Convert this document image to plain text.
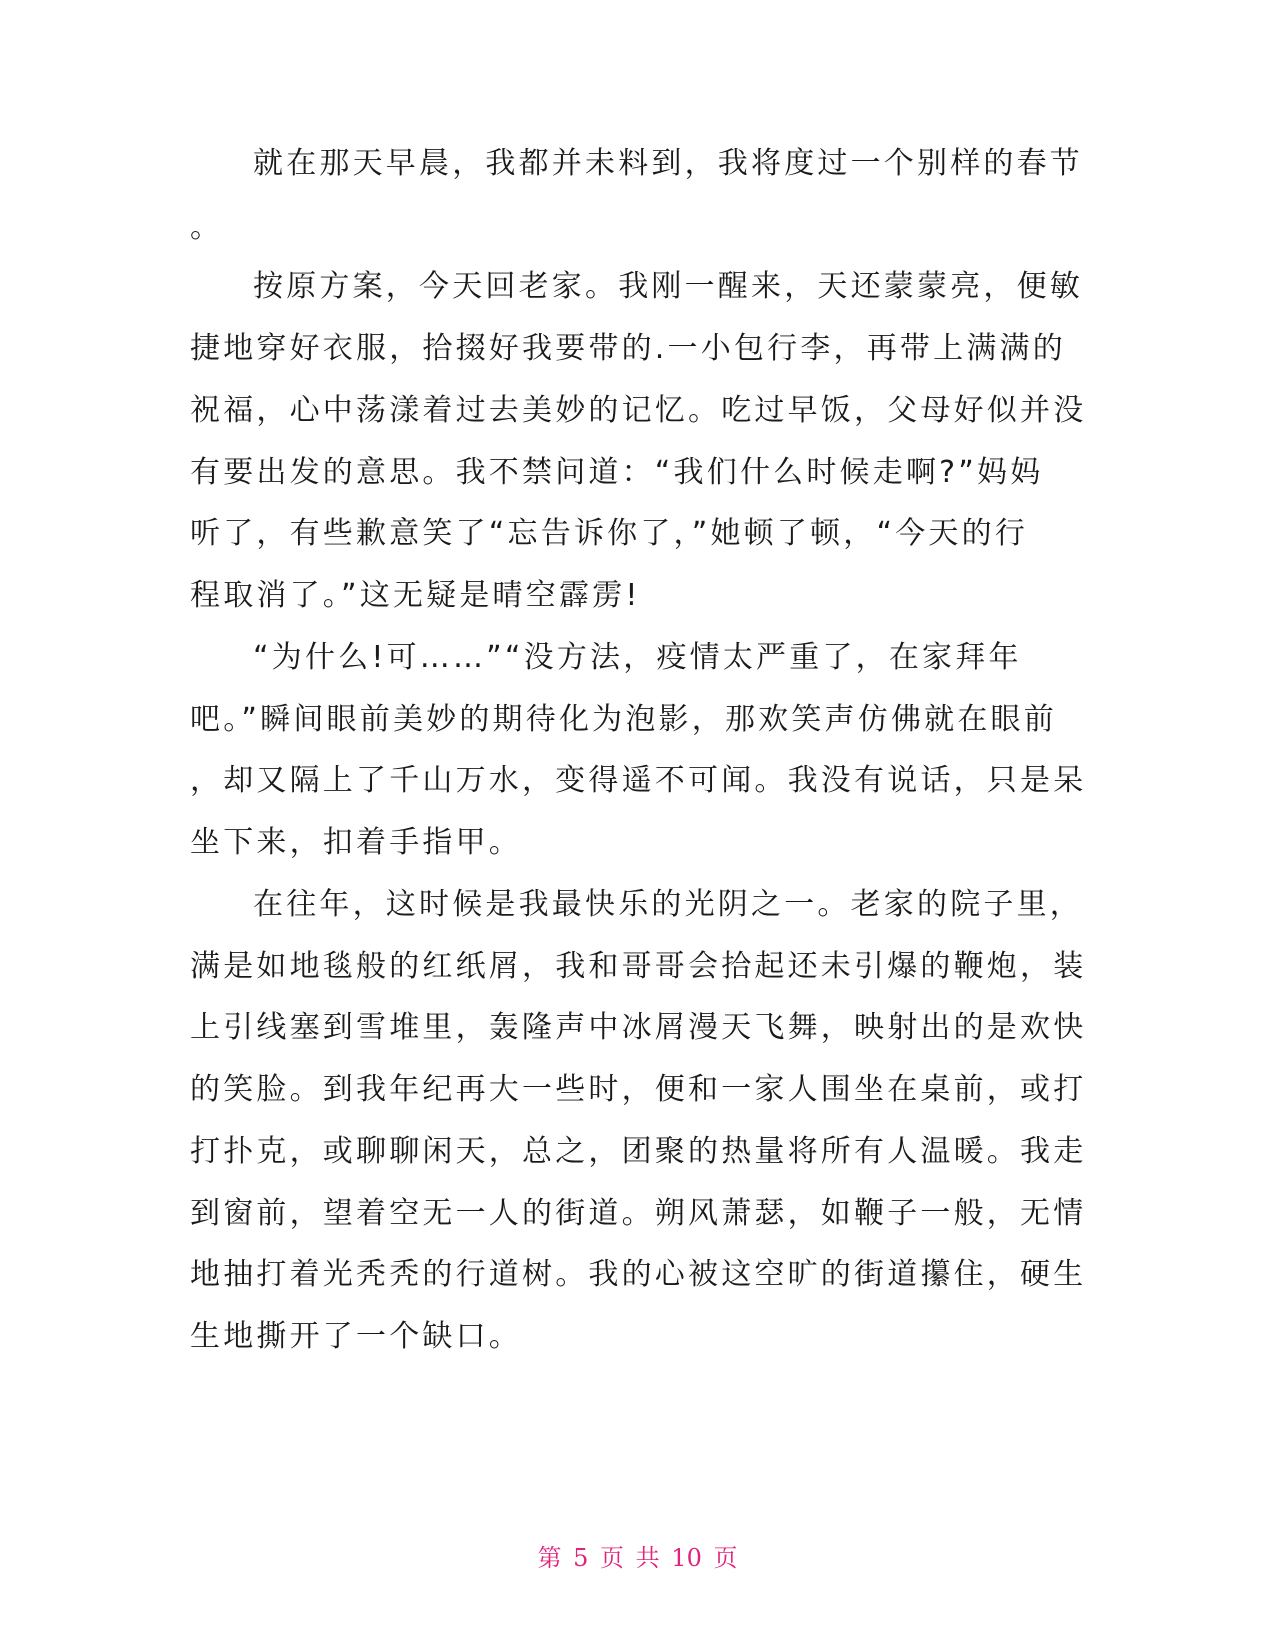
就在那天早晨，我都并未料到，我将度过一个别样的春节

。

按原方案，今天回老家。我刚一醒来，天还蒙蒙亮，便敏

捷地穿好衣服，拾掇好我要带的.一小包行李，再带上满满的

祝福，心中荡漾着过去美妙的记忆。吃过早饭，父母好似并没

有要出发的意思。我不禁问道：“我们什么时候走啊?”妈妈

听了，有些歉意笑了“忘告诉你了，”她顿了顿，“今天的行

程取消了。”这无疑是晴空霹雳!

“为什么!可……”“没方法，疫情太严重了，在家拜年

吧。”瞬间眼前美妙的期待化为泡影，那欢笑声仿佛就在眼前

，却又隔上了千山万水，变得遥不可闻。我没有说话，只是呆

坐下来，扣着手指甲。

在往年，这时候是我最快乐的光阴之一。老家的院子里，

满是如地毯般的红纸屑，我和哥哥会拾起还未引爆的鞭炮，装

上引线塞到雪堆里，轰隆声中冰屑漫天飞舞，映射出的是欢快

的笑脸。到我年纪再大一些时，便和一家人围坐在桌前，或打

打扑克，或聊聊闲天，总之，团聚的热量将所有人温暖。我走

到窗前，望着空无一人的街道。朔风萧瑟，如鞭子一般，无情

地抽打着光秃秃的行道树。我的心被这空旷的街道攥住，硬生

生地撕开了一个缺口。

第 5 页 共 10 页
